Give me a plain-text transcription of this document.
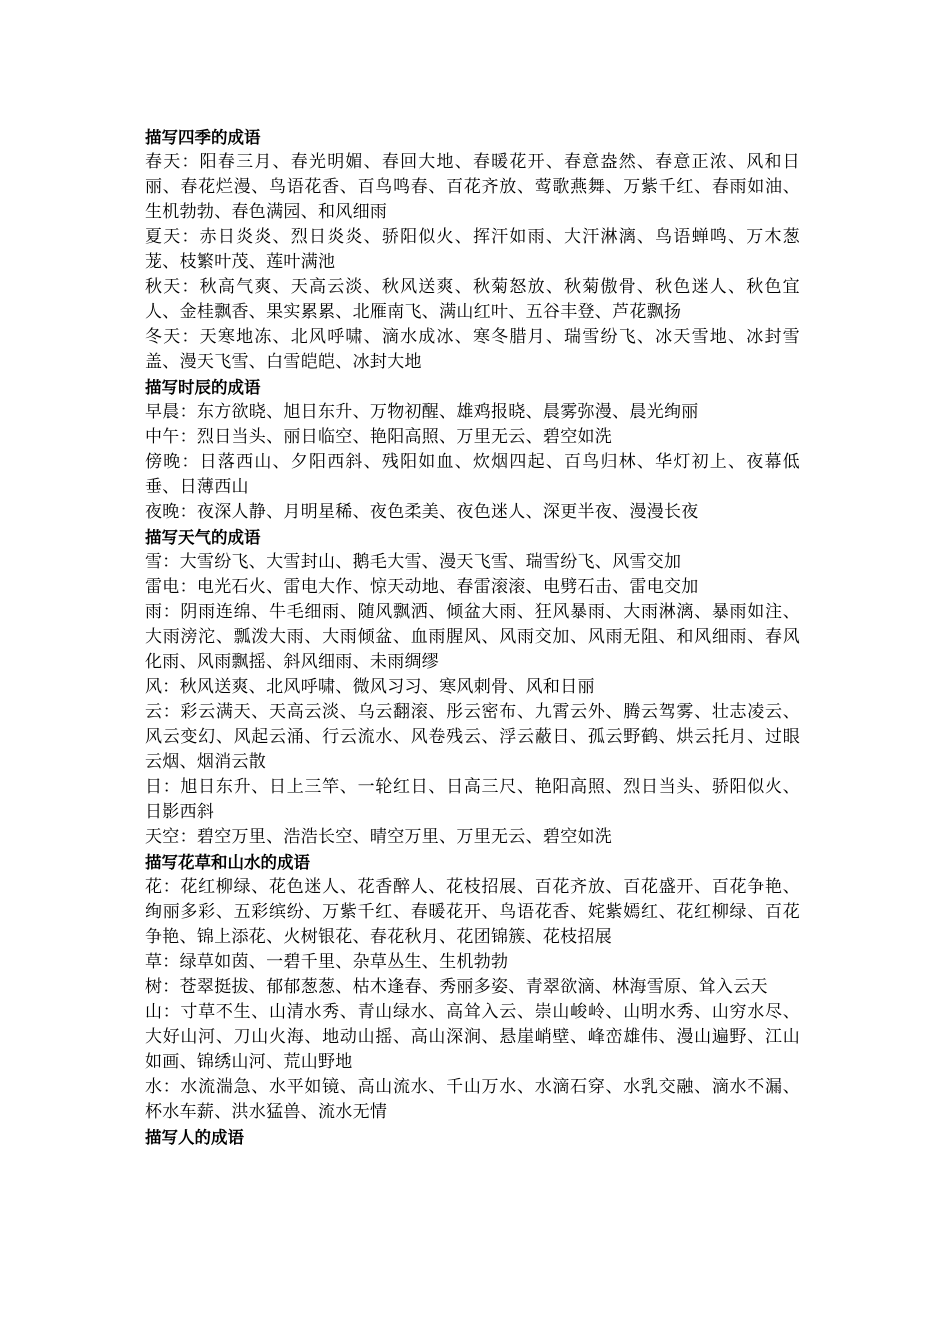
描写四季的成语

春天：阳春三月、春光明媚、春回大地、春暖花开、春意盎然、春意正浓、风和日丽、春花烂漫、鸟语花香、百鸟鸣春、百花齐放、莺歌燕舞、万紫千红、春雨如油、生机勃勃、春色满园、和风细雨

夏天：赤日炎炎、烈日炎炎、骄阳似火、挥汗如雨、大汗淋漓、鸟语蝉鸣、万木葱茏、枝繁叶茂、莲叶满池

秋天：秋高气爽、天高云淡、秋风送爽、秋菊怒放、秋菊傲骨、秋色迷人、秋色宜人、金桂飘香、果实累累、北雁南飞、满山红叶、五谷丰登、芦花飘扬

冬天：天寒地冻、北风呼啸、滴水成冰、寒冬腊月、瑞雪纷飞、冰天雪地、冰封雪盖、漫天飞雪、白雪皑皑、冰封大地

描写时辰的成语

早晨：东方欲晓、旭日东升、万物初醒、雄鸡报晓、晨雾弥漫、晨光绚丽

中午：烈日当头、丽日临空、艳阳高照、万里无云、碧空如洗

傍晚：日落西山、夕阳西斜、残阳如血、炊烟四起、百鸟归林、华灯初上、夜幕低垂、日薄西山

夜晚：夜深人静、月明星稀、夜色柔美、夜色迷人、深更半夜、漫漫长夜

描写天气的成语

雪：大雪纷飞、大雪封山、鹅毛大雪、漫天飞雪、瑞雪纷飞、风雪交加

雷电：电光石火、雷电大作、惊天动地、春雷滚滚、电劈石击、雷电交加

雨：阴雨连绵、牛毛细雨、随风飘洒、倾盆大雨、狂风暴雨、大雨淋漓、暴雨如注、大雨滂沱、瓢泼大雨、大雨倾盆、血雨腥风、风雨交加、风雨无阻、和风细雨、春风化雨、风雨飘摇、斜风细雨、未雨绸缪

风：秋风送爽、北风呼啸、微风习习、寒风刺骨、风和日丽

云：彩云满天、天高云淡、乌云翻滚、彤云密布、九霄云外、腾云驾雾、壮志凌云、风云变幻、风起云涌、行云流水、风卷残云、浮云蔽日、孤云野鹤、烘云托月、过眼云烟、烟消云散

日：旭日东升、日上三竿、一轮红日、日高三尺、艳阳高照、烈日当头、骄阳似火、日影西斜

天空：碧空万里、浩浩长空、晴空万里、万里无云、碧空如洗

描写花草和山水的成语

花：花红柳绿、花色迷人、花香醉人、花枝招展、百花齐放、百花盛开、百花争艳、绚丽多彩、五彩缤纷、万紫千红、春暖花开、鸟语花香、姹紫嫣红、花红柳绿、百花争艳、锦上添花、火树银花、春花秋月、花团锦簇、花枝招展

草：绿草如茵、一碧千里、杂草丛生、生机勃勃

树：苍翠挺拔、郁郁葱葱、枯木逢春、秀丽多姿、青翠欲滴、林海雪原、耸入云天

山：寸草不生、山清水秀、青山绿水、高耸入云、崇山峻岭、山明水秀、山穷水尽、大好山河、刀山火海、地动山摇、高山深涧、悬崖峭壁、峰峦雄伟、漫山遍野、江山如画、锦绣山河、荒山野地

水：水流湍急、水平如镜、高山流水、千山万水、水滴石穿、水乳交融、滴水不漏、杯水车薪、洪水猛兽、流水无情

描写人的成语
